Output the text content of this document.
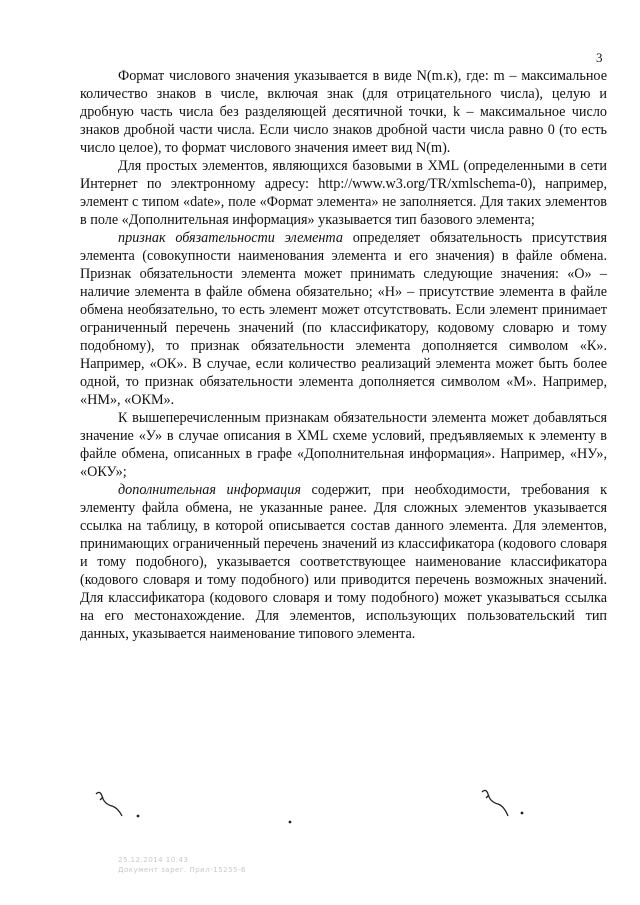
3

Формат числового значения указывается в виде N(m.к), где: m – максимальное количество знаков в числе, включая знак (для отрицательного числа), целую и дробную часть числа без разделяющей десятичной точки, k – максимальное число знаков дробной части числа. Если число знаков дробной части числа равно 0 (то есть число целое), то формат числового значения имеет вид N(m).

Для простых элементов, являющихся базовыми в XML (определенными в сети Интернет по электронному адресу: http://www.w3.org/TR/xmlschema-0), например, элемент с типом «date», поле «Формат элемента» не заполняется. Для таких элементов в поле «Дополнительная информация» указывается тип базового элемента;

признак обязательности элемента определяет обязательность присутствия элемента (совокупности наименования элемента и его значения) в файле обмена. Признак обязательности элемента может принимать следующие значения: «О» – наличие элемента в файле обмена обязательно; «Н» – присутствие элемента в файле обмена необязательно, то есть элемент может отсутствовать. Если элемент принимает ограниченный перечень значений (по классификатору, кодовому словарю и тому подобному), то признак обязательности элемента дополняется символом «К». Например, «ОК». В случае, если количество реализаций элемента может быть более одной, то признак обязательности элемента дополняется символом «М». Например, «НМ», «ОКМ».

К вышеперечисленным признакам обязательности элемента может добавляться значение «У» в случае описания в XML схеме условий, предъявляемых к элементу в файле обмена, описанных в графе «Дополнительная информация». Например, «НУ», «ОКУ»;

дополнительная информация содержит, при необходимости, требования к элементу файла обмена, не указанные ранее. Для сложных элементов указывается ссылка на таблицу, в которой описывается состав данного элемента. Для элементов, принимающих ограниченный перечень значений из классификатора (кодового словаря и тому подобного), указывается соответствующее наименование классификатора (кодового словаря и тому подобного) или приводится перечень возможных значений. Для классификатора (кодового словаря и тому подобного) может указываться ссылка на его местонахождение. Для элементов, использующих пользовательский тип данных, указывается наименование типового элемента.

25.12.2014 10:43
Документ зарег. Прил-15255-6
